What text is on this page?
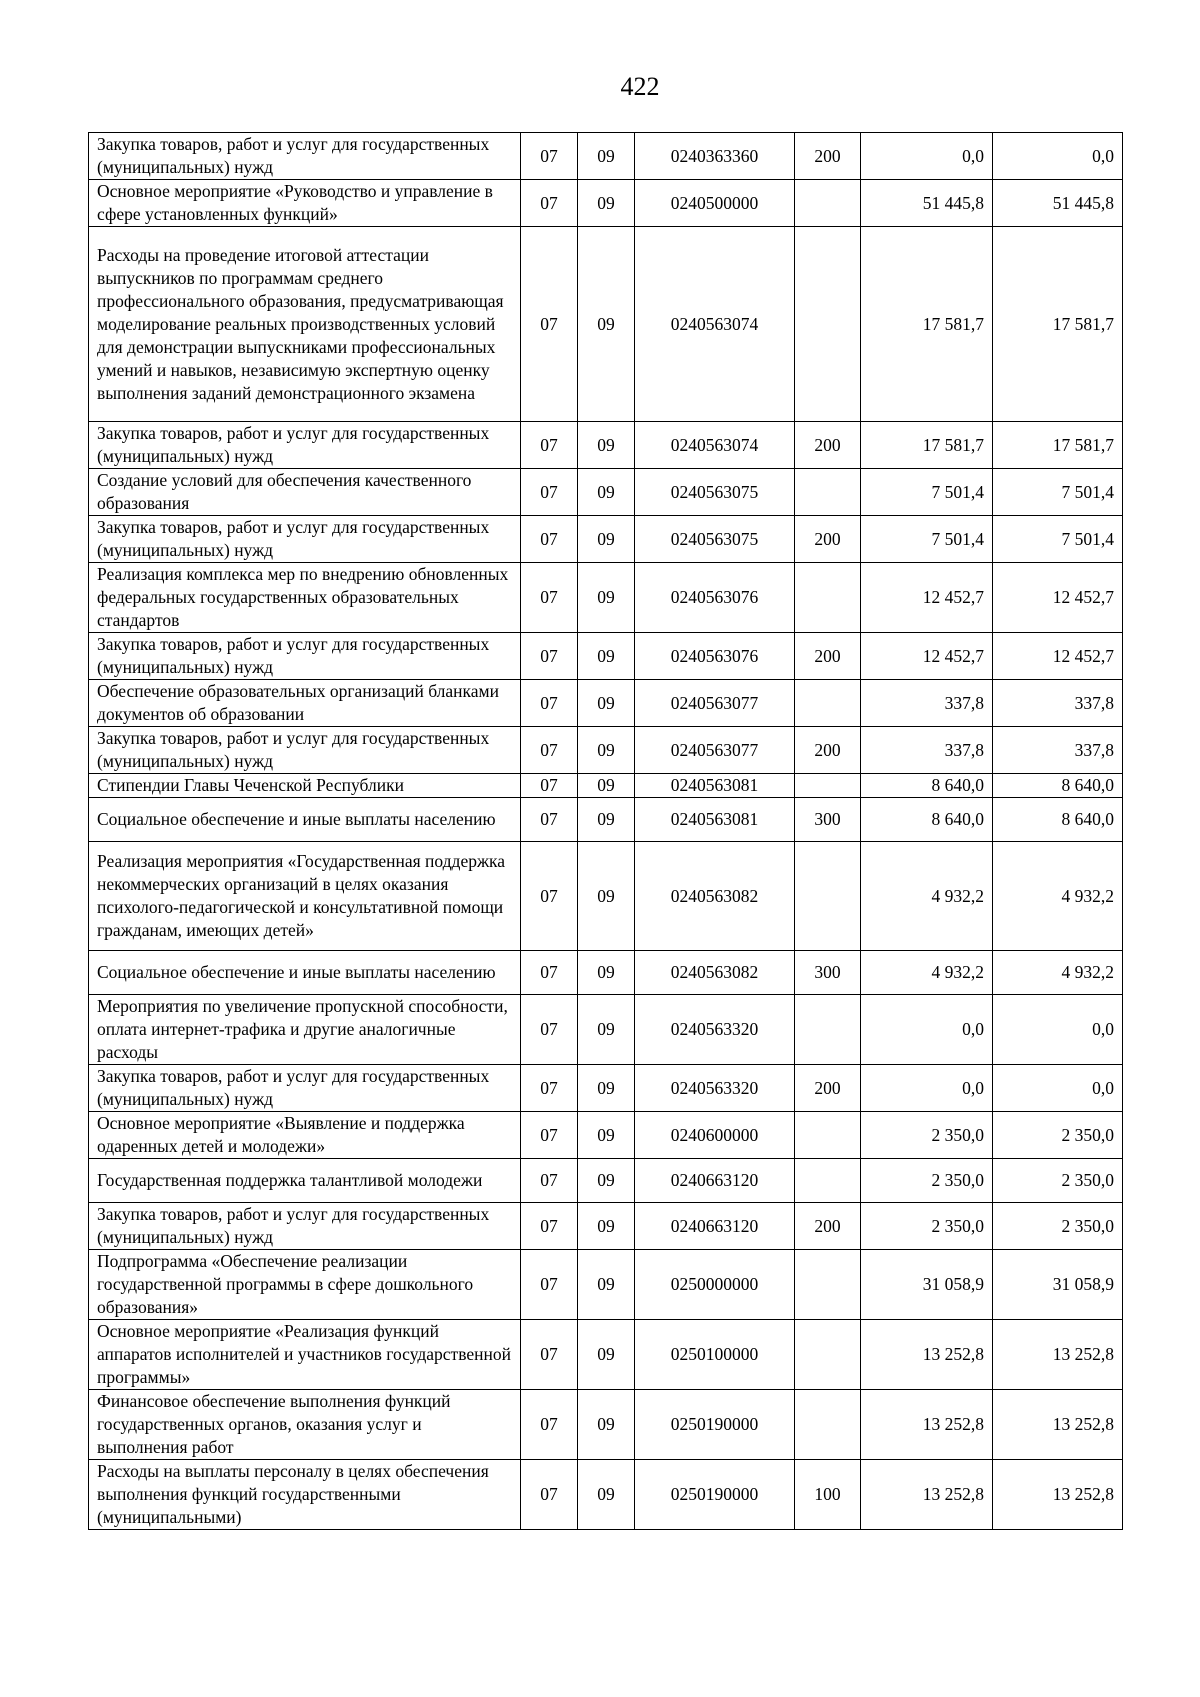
422
Закупка товаров, работ и услуг для государственных (муниципальных) нужд	07	09	0240363360	200	0,0	0,0
Основное мероприятие «Руководство и управление в сфере установленных функций»	07	09	0240500000		51 445,8	51 445,8
Расходы на проведение итоговой аттестации выпускников по программам среднего профессионального образования, предусматривающая моделирование реальных производственных условий для демонстрации выпускниками профессиональных умений и навыков, независимую экспертную оценку выполнения заданий демонстрационного экзамена	07	09	0240563074		17 581,7	17 581,7
Закупка товаров, работ и услуг для государственных (муниципальных) нужд	07	09	0240563074	200	17 581,7	17 581,7
Создание условий для обеспечения качественного образования	07	09	0240563075		7 501,4	7 501,4
Закупка товаров, работ и услуг для государственных (муниципальных) нужд	07	09	0240563075	200	7 501,4	7 501,4
Реализация комплекса мер по внедрению обновленных федеральных государственных образовательных стандартов	07	09	0240563076		12 452,7	12 452,7
Закупка товаров, работ и услуг для государственных (муниципальных) нужд	07	09	0240563076	200	12 452,7	12 452,7
Обеспечение образовательных организаций бланками документов об образовании	07	09	0240563077		337,8	337,8
Закупка товаров, работ и услуг для государственных (муниципальных) нужд	07	09	0240563077	200	337,8	337,8
Стипендии Главы Чеченской Республики	07	09	0240563081		8 640,0	8 640,0
Социальное обеспечение и иные выплаты населению	07	09	0240563081	300	8 640,0	8 640,0
Реализация мероприятия «Государственная поддержка некоммерческих организаций в целях оказания психолого-педагогической и консультативной помощи гражданам, имеющих детей»	07	09	0240563082		4 932,2	4 932,2
Социальное обеспечение и иные выплаты населению	07	09	0240563082	300	4 932,2	4 932,2
Мероприятия по увеличение пропускной способности, оплата интернет-трафика и другие аналогичные расходы	07	09	0240563320		0,0	0,0
Закупка товаров, работ и услуг для государственных (муниципальных) нужд	07	09	0240563320	200	0,0	0,0
Основное мероприятие «Выявление и поддержка одаренных детей и молодежи»	07	09	0240600000		2 350,0	2 350,0
Государственная поддержка талантливой молодежи	07	09	0240663120		2 350,0	2 350,0
Закупка товаров, работ и услуг для государственных (муниципальных) нужд	07	09	0240663120	200	2 350,0	2 350,0
Подпрограмма «Обеспечение реализации государственной программы в сфере дошкольного образования»	07	09	0250000000		31 058,9	31 058,9
Основное мероприятие «Реализация функций аппаратов исполнителей и участников государственной программы»	07	09	0250100000		13 252,8	13 252,8
Финансовое обеспечение выполнения функций государственных органов, оказания услуг и выполнения работ	07	09	0250190000		13 252,8	13 252,8
Расходы на выплаты персоналу в целях обеспечения выполнения функций государственными (муниципальными)	07	09	0250190000	100	13 252,8	13 252,8
